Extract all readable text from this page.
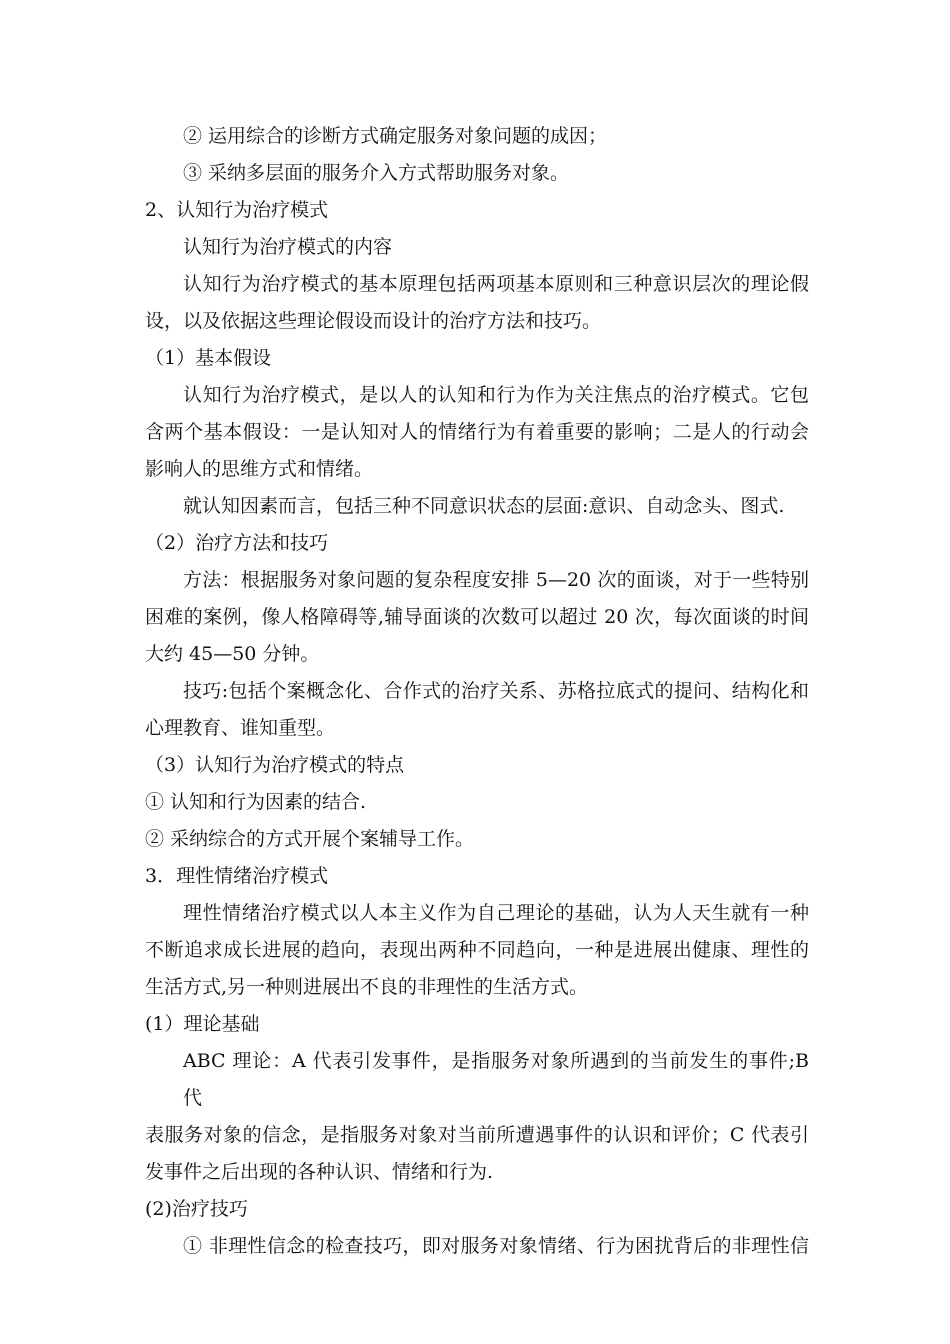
② 运用综合的诊断方式确定服务对象问题的成因；

③ 采纳多层面的服务介入方式帮助服务对象。

2、认知行为治疗模式

认知行为治疗模式的内容

认知行为治疗模式的基本原理包括两项基本原则和三种意识层次的理论假

设，以及依据这些理论假设而设计的治疗方法和技巧。

（1）基本假设

认知行为治疗模式，是以人的认知和行为作为关注焦点的治疗模式。它包

含两个基本假设：一是认知对人的情绪行为有着重要的影响；二是人的行动会

影响人的思维方式和情绪。

就认知因素而言，包括三种不同意识状态的层面:意识、自动念头、图式.

（2）治疗方法和技巧

方法：根据服务对象问题的复杂程度安排 5—20 次的面谈，对于一些特别

困难的案例，像人格障碍等,辅导面谈的次数可以超过 20 次，每次面谈的时间

大约 45—50 分钟。

技巧:包括个案概念化、合作式的治疗关系、苏格拉底式的提问、结构化和

心理教育、谁知重型。

（3）认知行为治疗模式的特点

① 认知和行为因素的结合.

② 采纳综合的方式开展个案辅导工作。

3．理性情绪治疗模式

理性情绪治疗模式以人本主义作为自己理论的基础，认为人天生就有一种

不断追求成长进展的趋向，表现出两种不同趋向，一种是进展出健康、理性的

生活方式,另一种则进展出不良的非理性的生活方式。

(1）理论基础

ABC 理论：A 代表引发事件，是指服务对象所遇到的当前发生的事件;B 代

表服务对象的信念，是指服务对象对当前所遭遇事件的认识和评价；C 代表引

发事件之后出现的各种认识、情绪和行为.

(2)治疗技巧

① 非理性信念的检查技巧，即对服务对象情绪、行为困扰背后的非理性信
